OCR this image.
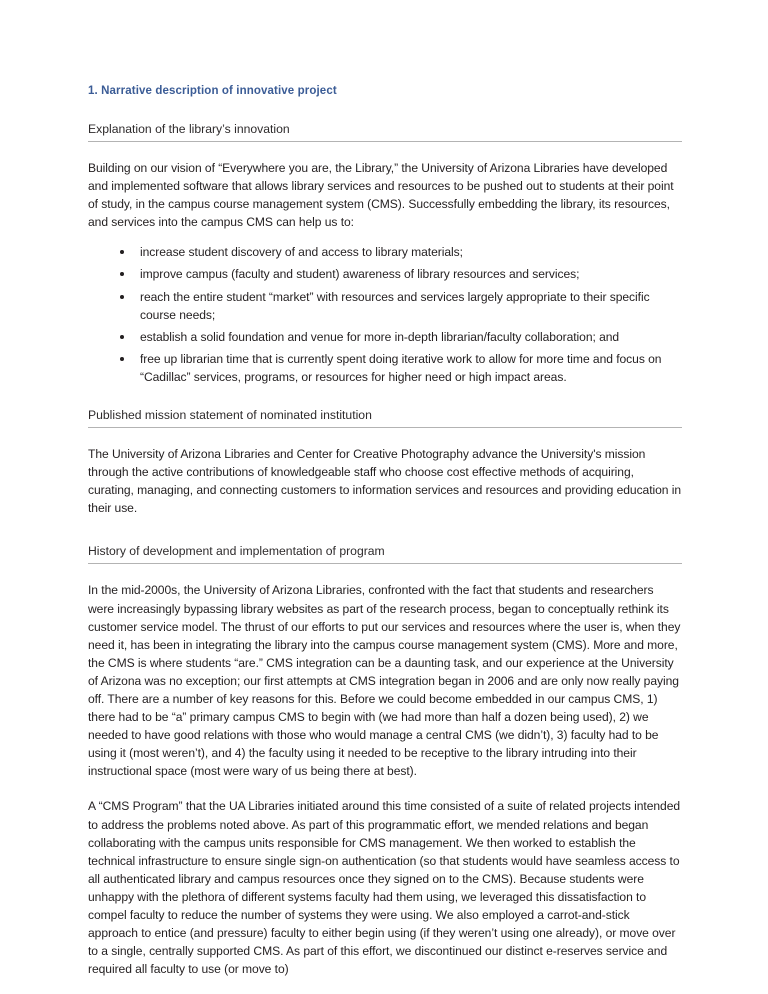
1. Narrative description of innovative project
Explanation of the library’s innovation

Building on our vision of “Everywhere you are, the Library,” the University of Arizona Libraries have developed and implemented software that allows library services and resources to be pushed out to students at their point of study, in the campus course management system (CMS). Successfully embedding the library, its resources, and services into the campus CMS can help us to:

increase student discovery of and access to library materials;
improve campus (faculty and student) awareness of library resources and services;
reach the entire student “market” with resources and services largely appropriate to their specific course needs;
establish a solid foundation and venue for more in-depth librarian/faculty collaboration; and
free up librarian time that is currently spent doing iterative work to allow for more time and focus on “Cadillac” services, programs, or resources for higher need or high impact areas.
Published mission statement of nominated institution

The University of Arizona Libraries and Center for Creative Photography advance the University's mission through the active contributions of knowledgeable staff who choose cost effective methods of acquiring, curating, managing, and connecting customers to information services and resources and providing education in their use.

History of development and implementation of program

In the mid-2000s, the University of Arizona Libraries, confronted with the fact that students and researchers were increasingly bypassing library websites as part of the research process, began to conceptually rethink its customer service model. The thrust of our efforts to put our services and resources where the user is, when they need it, has been in integrating the library into the campus course management system (CMS). More and more, the CMS is where students “are.” CMS integration can be a daunting task, and our experience at the University of Arizona was no exception; our first attempts at CMS integration began in 2006 and are only now really paying off. There are a number of key reasons for this. Before we could become embedded in our campus CMS, 1) there had to be “a” primary campus CMS to begin with (we had more than half a dozen being used), 2) we needed to have good relations with those who would manage a central CMS (we didn’t), 3) faculty had to be using it (most weren’t), and 4) the faculty using it needed to be receptive to the library intruding into their instructional space (most were wary of us being there at best).

A “CMS Program” that the UA Libraries initiated around this time consisted of a suite of related projects intended to address the problems noted above. As part of this programmatic effort, we mended relations and began collaborating with the campus units responsible for CMS management. We then worked to establish the technical infrastructure to ensure single sign-on authentication (so that students would have seamless access to all authenticated library and campus resources once they signed on to the CMS). Because students were unhappy with the plethora of different systems faculty had them using, we leveraged this dissatisfaction to compel faculty to reduce the number of systems they were using. We also employed a carrot-and-stick approach to entice (and pressure) faculty to either begin using (if they weren’t using one already), or move over to a single, centrally supported CMS. As part of this effort, we discontinued our distinct e-reserves service and required all faculty to use (or move to)
